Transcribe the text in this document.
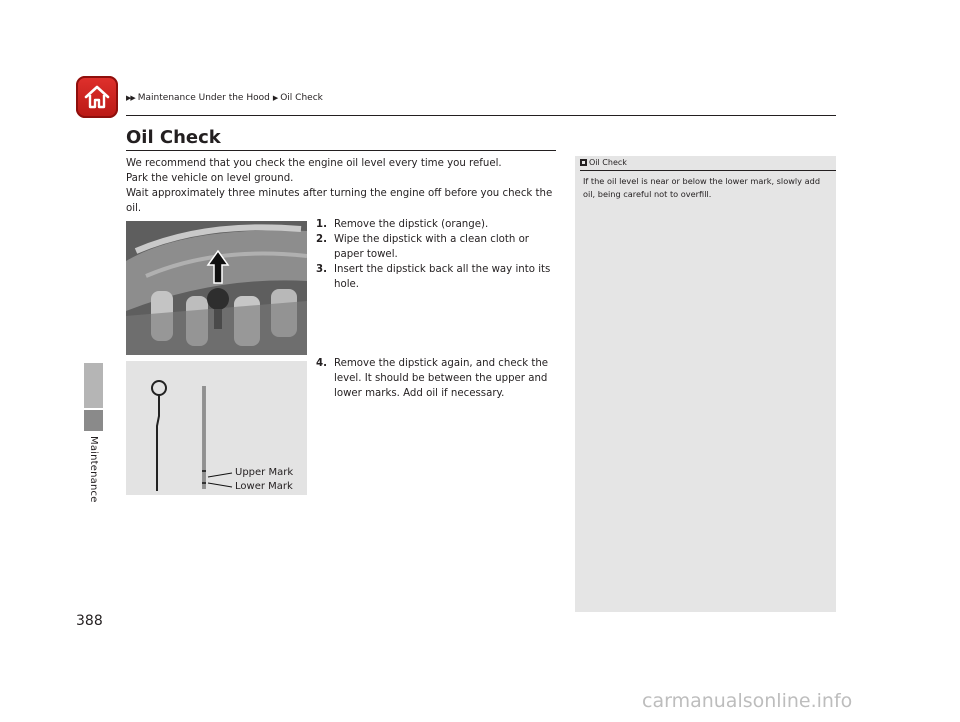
▶▶ Maintenance Under the Hood ▶ Oil Check
Oil Check
Maintenance

We recommend that you check the engine oil level every time you refuel.

Park the vehicle on level ground.

Wait approximately three minutes after turning the engine off before you check the oil.

Upper Mark
Lower Mark
1. Remove the dipstick (orange).
2. Wipe the dipstick with a clean cloth or paper towel.
3. Insert the dipstick back all the way into its hole.
4. Remove the dipstick again, and check the level. It should be between the upper and lower marks. Add oil if necessary.
Oil Check

If the oil level is near or below the lower mark, slowly add oil, being careful not to overfill.

388
carmanualsonline.info
